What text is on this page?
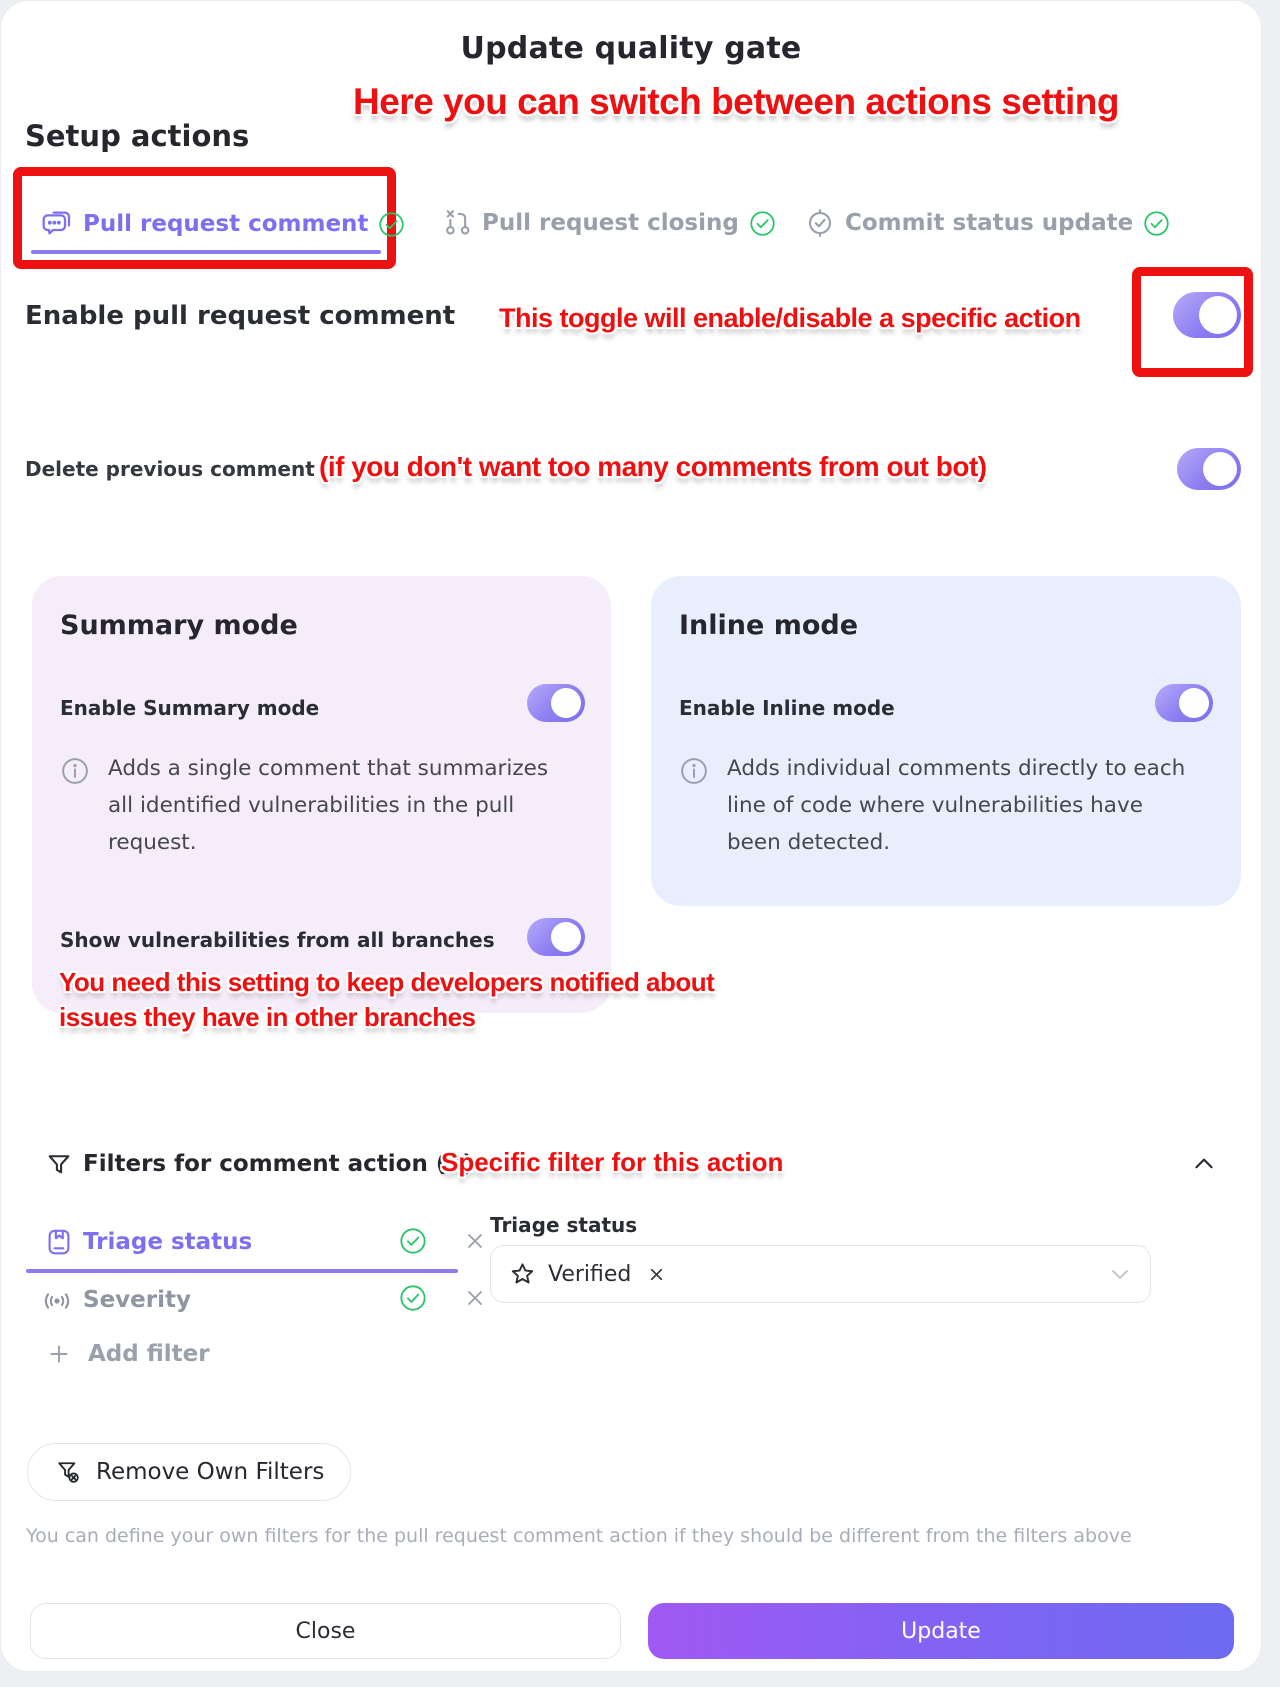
Update quality gate
Here you can switch between actions setting
Setup actions
Pull request comment	Pull request closing	Commit status update
Enable pull request comment This toggle will enable/disable a specific action
Delete previous comment (if you don't want too many comments from out bot)
Summary mode
Enable Summary mode
Adds a single comment that summarizes all identified vulnerabilities in the pull request.
Show vulnerabilities from all branches
Inline mode
Enable Inline mode
Adds individual comments directly to each line of code where vulnerabilities have been detected.
You need this setting to keep developers notified about
issues they have in other branches
Filters for comment action (2)
Specific filter for this action
Triage status
Severity
Add filter
Triage status
Verified
Remove Own Filters
You can define your own filters for the pull request comment action if they should be different from the filters above
Close	Update
